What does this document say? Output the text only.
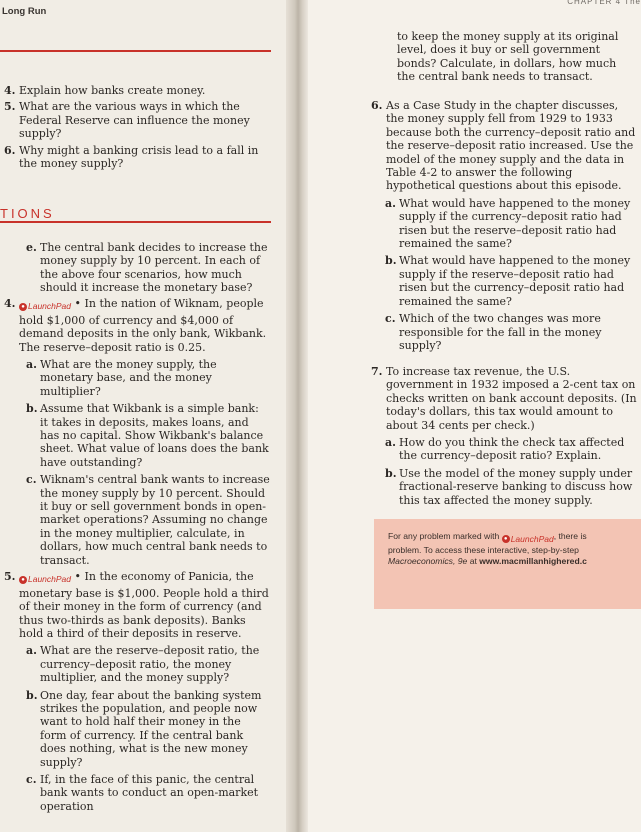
Long Run
4. Explain how banks create money.
5. What are the various ways in which the Federal Reserve can influence the money supply?
6. Why might a banking crisis lead to a fall in the money supply?
TIONS
e. The central bank decides to increase the money supply by 10 percent. In each of the above four scenarios, how much should it increase the monetary base?
4. ● LaunchPad • In the nation of Wiknam, people hold $1,000 of currency and $4,000 of demand deposits in the only bank, Wikbank. The reserve–deposit ratio is 0.25.
a. What are the money supply, the monetary base, and the money multiplier?
b. Assume that Wikbank is a simple bank: it takes in deposits, makes loans, and has no capital. Show Wikbank's balance sheet. What value of loans does the bank have outstanding?
c. Wiknam's central bank wants to increase the money supply by 10 percent. Should it buy or sell government bonds in open-market operations? Assuming no change in the money multiplier, calculate, in dollars, how much central bank needs to transact.
5. ● LaunchPad • In the economy of Panicia, the monetary base is $1,000. People hold a third of their money in the form of currency (and thus two-thirds as bank deposits). Banks hold a third of their deposits in reserve.
a. What are the reserve–deposit ratio, the currency–deposit ratio, the money multiplier, and the money supply?
b. One day, fear about the banking system strikes the population, and people now want to hold half their money in the form of currency. If the central bank does nothing, what is the new money supply?
c. If, in the face of this panic, the central bank wants to conduct an open-market operation
CHAPTER 4 The
to keep the money supply at its original level, does it buy or sell government bonds? Calculate, in dollars, how much the central bank needs to transact.
6. As a Case Study in the chapter discusses, the money supply fell from 1929 to 1933 because both the currency–deposit ratio and the reserve–deposit ratio increased. Use the model of the money supply and the data in Table 4-2 to answer the following hypothetical questions about this episode.
a. What would have happened to the money supply if the currency–deposit ratio had risen but the reserve–deposit ratio had remained the same?
b. What would have happened to the money supply if the reserve–deposit ratio had risen but the currency–deposit ratio had remained the same?
c. Which of the two changes was more responsible for the fall in the money supply?
7. To increase tax revenue, the U.S. government in 1932 imposed a 2-cent tax on checks written on bank account deposits. (In today's dollars, this tax would amount to about 34 cents per check.)
a. How do you think the check tax affected the currency–deposit ratio? Explain.
b. Use the model of the money supply under fractional-reserve banking to discuss how this tax affected the money supply.
For any problem marked with ● LaunchPad , there is
problem. To access these interactive, step-by-step
Macroeconomics, 9e at www.macmillanhighered.c
